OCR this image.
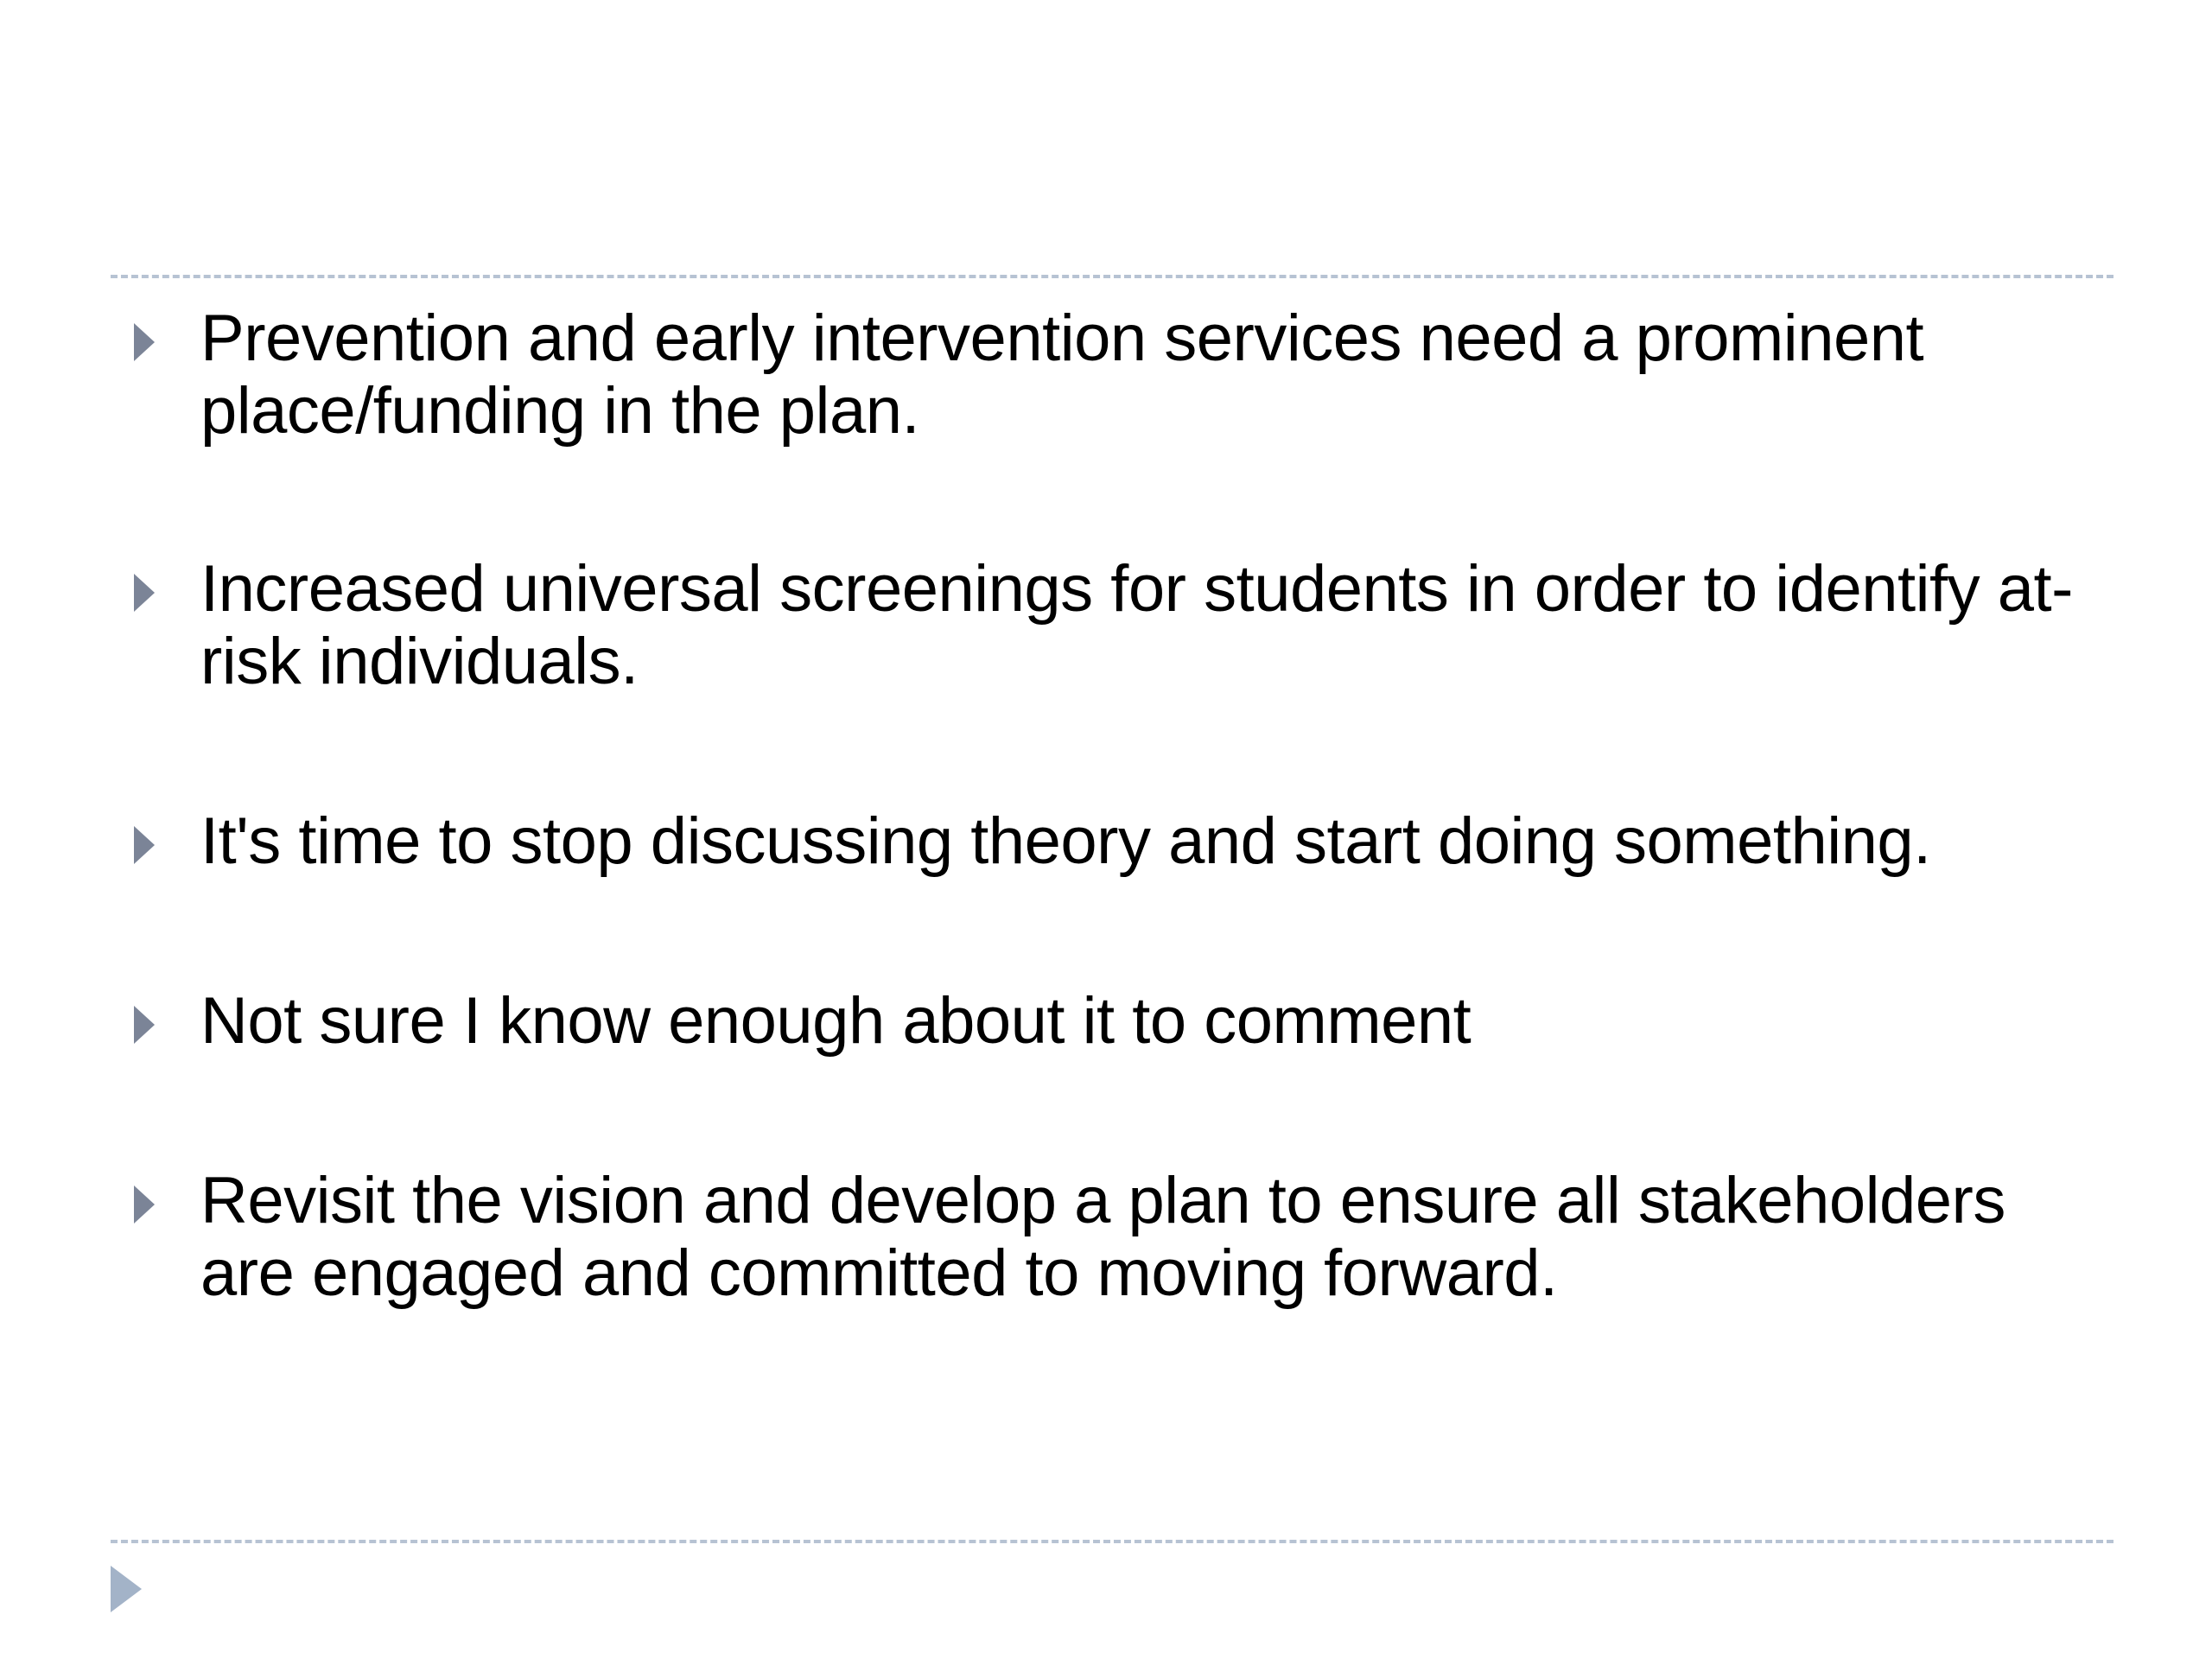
Prevention and early intervention services need a prominent place/funding in the plan.
Increased universal screenings for students in order to identify at-risk individuals.
It's time to stop discussing theory and start doing something.
Not sure I know enough about it to comment
Revisit the vision and develop a plan to ensure all stakeholders are engaged and committed to moving forward.
